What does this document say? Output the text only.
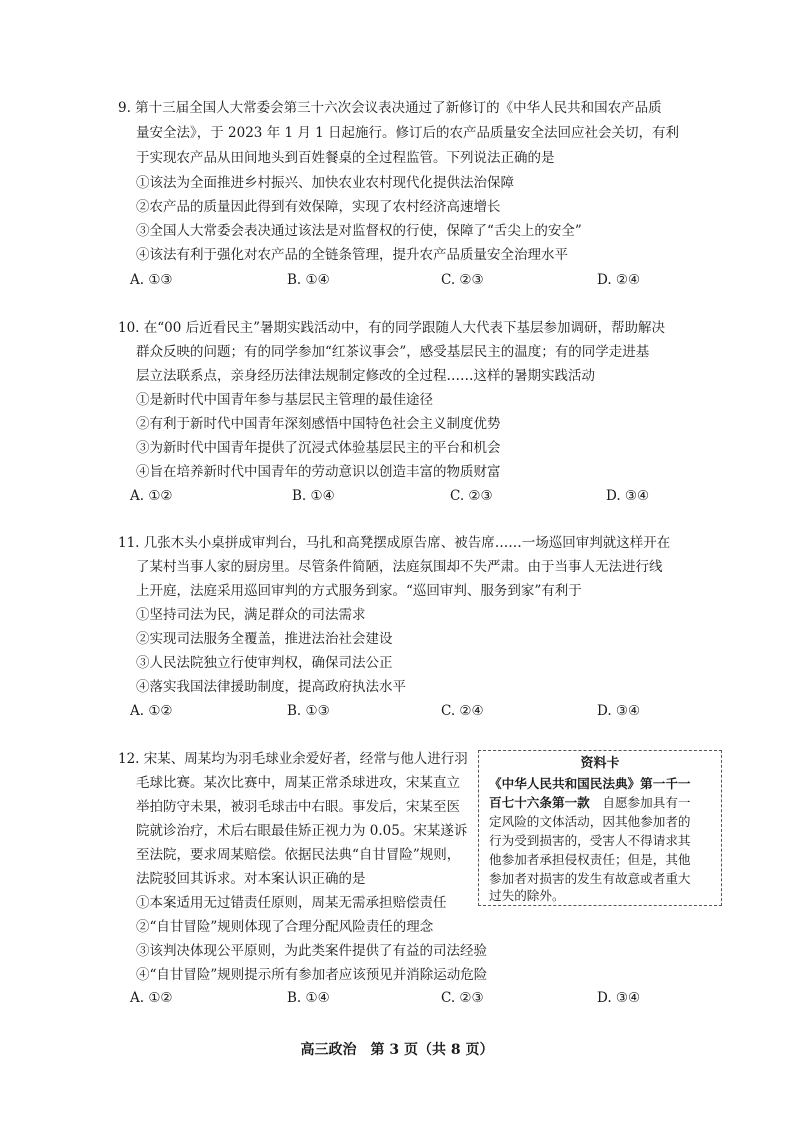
9. 第十三届全国人大常委会第三十六次会议表决通过了新修订的《中华人民共和国农产品质
量安全法》，于 2023 年 1 月 1 日起施行。修订后的农产品质量安全法回应社会关切，有利
于实现农产品从田间地头到百姓餐桌的全过程监管。下列说法正确的是
①该法为全面推进乡村振兴、加快农业农村现代化提供法治保障
②农产品的质量因此得到有效保障，实现了农村经济高速增长
③全国人大常委会表决通过该法是对监督权的行使，保障了“舌尖上的安全”
④该法有利于强化对农产品的全链条管理，提升农产品质量安全治理水平
A. ①③	B. ①④	C. ②③	D. ②④
10. 在“00 后近看民主”暑期实践活动中，有的同学跟随人大代表下基层参加调研，帮助解决
群众反映的问题；有的同学参加“红茶议事会”，感受基层民主的温度；有的同学走进基
层立法联系点，亲身经历法律法规制定修改的全过程……这样的暑期实践活动
①是新时代中国青年参与基层民主管理的最佳途径
②有利于新时代中国青年深刻感悟中国特色社会主义制度优势
③为新时代中国青年提供了沉浸式体验基层民主的平台和机会
④旨在培养新时代中国青年的劳动意识以创造丰富的物质财富
A. ①②	B. ①④	C. ②③	D. ③④
11. 几张木头小桌拼成审判台，马扎和高凳摆成原告席、被告席……一场巡回审判就这样开在
了某村当事人家的厨房里。尽管条件简陋，法庭氛围却不失严肃。由于当事人无法进行线
上开庭，法庭采用巡回审判的方式服务到家。“巡回审判、服务到家”有利于
①坚持司法为民，满足群众的司法需求
②实现司法服务全覆盖，推进法治社会建设
③人民法院独立行使审判权，确保司法公正
④落实我国法律援助制度，提高政府执法水平
A. ①②	B. ①③	C. ②④	D. ③④
12. 宋某、周某均为羽毛球业余爱好者，经常与他人进行羽
毛球比赛。某次比赛中，周某正常杀球进攻，宋某直立
举拍防守未果，被羽毛球击中右眼。事发后，宋某至医
院就诊治疗，术后右眼最佳矫正视力为 0.05。宋某遂诉
至法院，要求周某赔偿。依据民法典“自甘冒险”规则，
法院驳回其诉求。对本案认识正确的是
①本案适用无过错责任原则，周某无需承担赔偿责任
②“自甘冒险”规则体现了合理分配风险责任的理念
③该判决体现公平原则，为此类案件提供了有益的司法经验
④“自甘冒险”规则提示所有参加者应该预见并消除运动危险
A. ①②	B. ①④	C. ②③	D. ③④
资料卡
《中华人民共和国民法典》第一千一
百七十六条第一款　自愿参加具有一
定风险的文体活动，因其他参加者的
行为受到损害的，受害人不得请求其
他参加者承担侵权责任；但是，其他
参加者对损害的发生有故意或者重大
过失的除外。
高三政治　第 3 页（共 8 页）
